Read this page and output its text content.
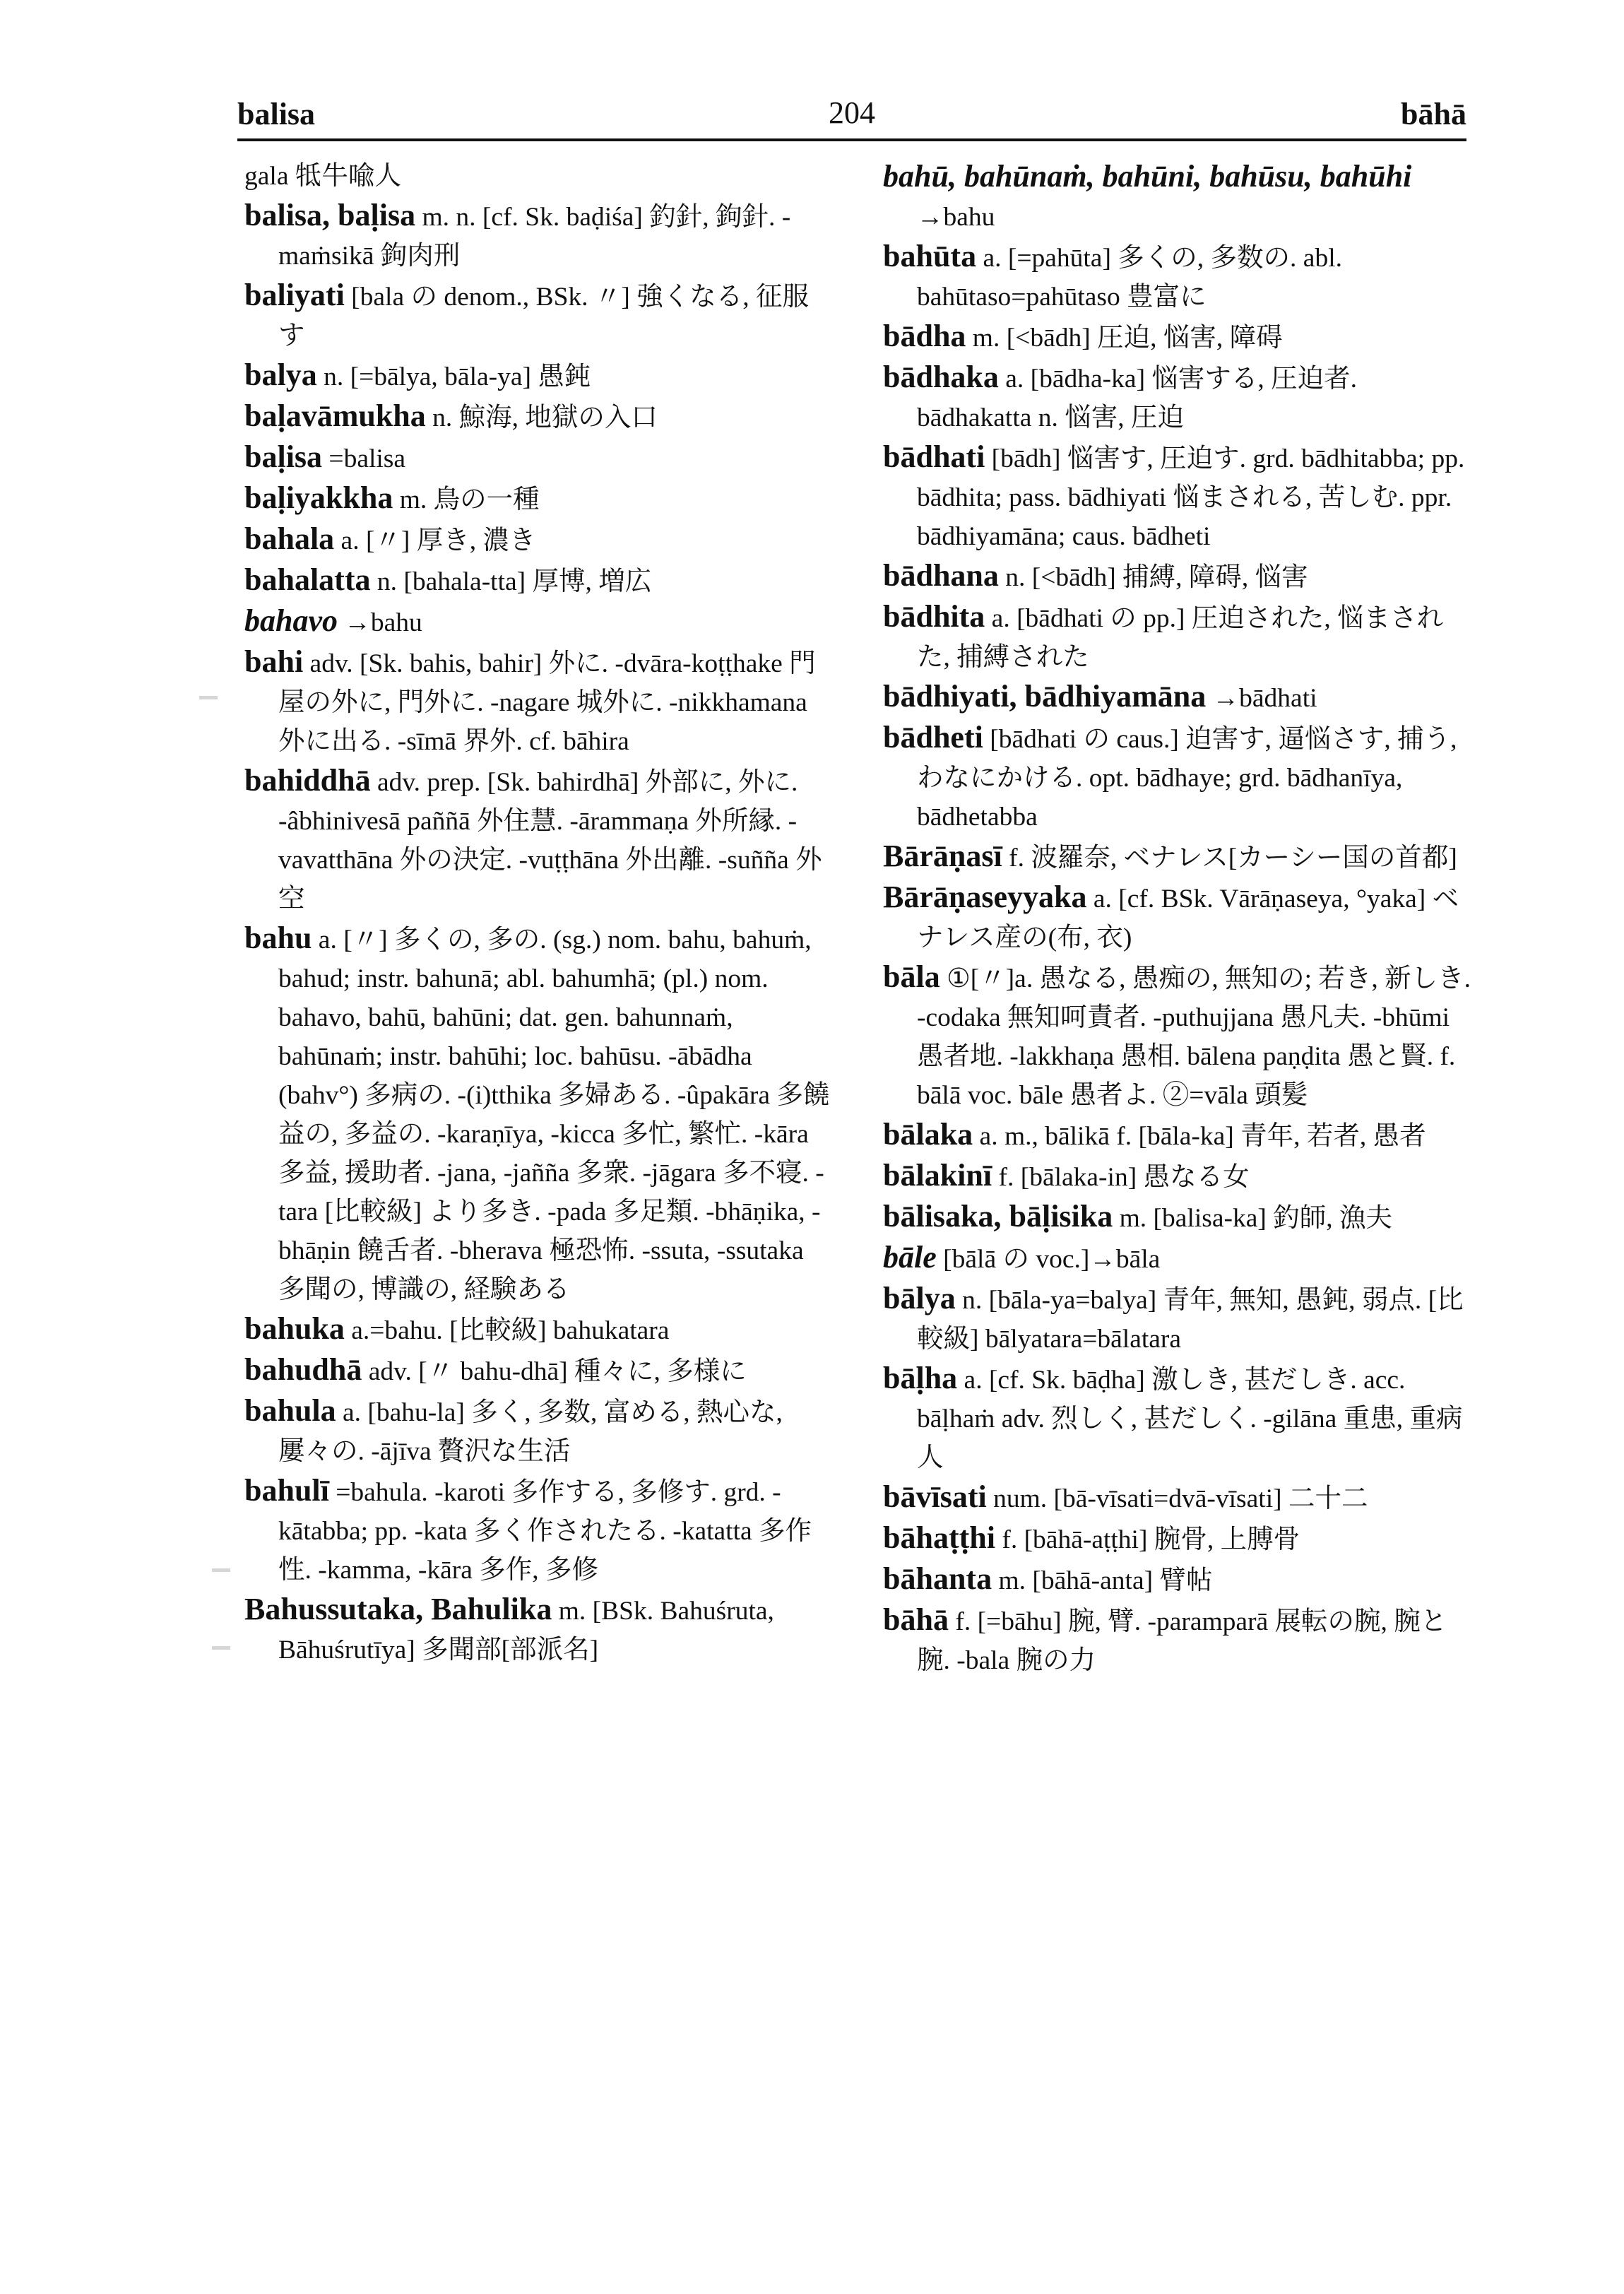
balisa	204	bāhā

gala 牴牛喩人

balisa, baḷisa m. n. [cf. Sk. baḍiśa] 釣針, 鉤針. -maṁsikā 鉤肉刑

baliyati [bala の denom., BSk. 〃] 強くなる, 征服す

balya n. [=bālya, bāla-ya] 愚鈍

baḷavāmukha n. 鯨海, 地獄の入口

baḷisa =balisa

baḷiyakkha m. 鳥の一種

bahala a. [〃] 厚き, 濃き

bahalatta n. [bahala-tta] 厚博, 増広

bahavo →bahu

bahi adv. [Sk. bahis, bahir] 外に. -dvāra-koṭṭhake 門屋の外に, 門外に. -nagare 城外に. -nikkhamana 外に出る. -sīmā 界外. cf. bāhira

bahiddhā adv. prep. [Sk. bahirdhā] 外部に, 外に. -âbhinivesā paññā 外住慧. -ārammaṇa 外所縁. -vavatthāna 外の決定. -vuṭṭhāna 外出離. -suñña 外空

bahu a. [〃] 多くの, 多の. (sg.) nom. bahu, bahuṁ, bahud; instr. bahunā; abl. bahumhā; (pl.) nom. bahavo, bahū, bahūni; dat. gen. bahunnaṁ, bahūnaṁ; instr. bahūhi; loc. bahūsu. -ābādha (bahv°) 多病の. -(i)tthika 多婦ある. -ûpakāra 多饒益の, 多益の. -karaṇīya, -kicca 多忙, 繁忙. -kāra 多益, 援助者. -jana, -jañña 多衆. -jāgara 多不寝. -tara [比較級] より多き. -pada 多足類. -bhāṇika, -bhāṇin 饒舌者. -bherava 極恐怖. -ssuta, -ssutaka 多聞の, 博識の, 経験ある

bahuka a.=bahu. [比較級] bahukatara

bahudhā adv. [〃 bahu-dhā] 種々に, 多様に

bahula a. [bahu-la] 多く, 多数, 富める, 熱心な, 屢々の. -ājīva 贅沢な生活

bahulī =bahula. -karoti 多作する, 多修す. grd. -kātabba; pp. -kata 多く作されたる. -katatta 多作性. -kamma, -kāra 多作, 多修

Bahussutaka, Bahulika m. [BSk. Bahuśruta, Bāhuśrutīya] 多聞部[部派名]

bahū, bahūnaṁ, bahūni, bahūsu, bahūhi →bahu

bahūta a. [=pahūta] 多くの, 多数の. abl. bahūtaso=pahūtaso 豊富に

bādha m. [<bādh] 圧迫, 悩害, 障碍

bādhaka a. [bādha-ka] 悩害する, 圧迫者. bādhakatta n. 悩害, 圧迫

bādhati [bādh] 悩害す, 圧迫す. grd. bādhitabba; pp. bādhita; pass. bādhiyati 悩まされる, 苦しむ. ppr. bādhiyamāna; caus. bādheti

bādhana n. [<bādh] 捕縛, 障碍, 悩害

bādhita a. [bādhati の pp.] 圧迫された, 悩まされた, 捕縛された

bādhiyati, bādhiyamāna →bādhati

bādheti [bādhati の caus.] 迫害す, 逼悩さす, 捕う, わなにかける. opt. bādhaye; grd. bādhanīya, bādhetabba

Bārāṇasī f. 波羅奈, ベナレス[カーシー国の首都]

Bārāṇaseyyaka a. [cf. BSk. Vārāṇaseya, °yaka] ベナレス産の(布, 衣)

bāla ①[〃]a. 愚なる, 愚痴の, 無知の; 若き, 新しき. -codaka 無知呵責者. -puthujjana 愚凡夫. -bhūmi 愚者地. -lakkhaṇa 愚相. bālena paṇḍita 愚と賢. f. bālā voc. bāle 愚者よ. ②=vāla 頭髪

bālaka a. m., bālikā f. [bāla-ka] 青年, 若者, 愚者

bālakinī f. [bālaka-in] 愚なる女

bālisaka, bāḷisika m. [balisa-ka] 釣師, 漁夫

bāle [bālā の voc.]→bāla

bālya n. [bāla-ya=balya] 青年, 無知, 愚鈍, 弱点. [比較級] bālyatara=bālatara

bāḷha a. [cf. Sk. bāḍha] 激しき, 甚だしき. acc. bāḷhaṁ adv. 烈しく, 甚だしく. -gilāna 重患, 重病人

bāvīsati num. [bā-vīsati=dvā-vīsati] 二十二

bāhaṭṭhi f. [bāhā-aṭṭhi] 腕骨, 上膊骨

bāhanta m. [bāhā-anta] 臂帖

bāhā f. [=bāhu] 腕, 臂. -paramparā 展転の腕, 腕と腕. -bala 腕の力
